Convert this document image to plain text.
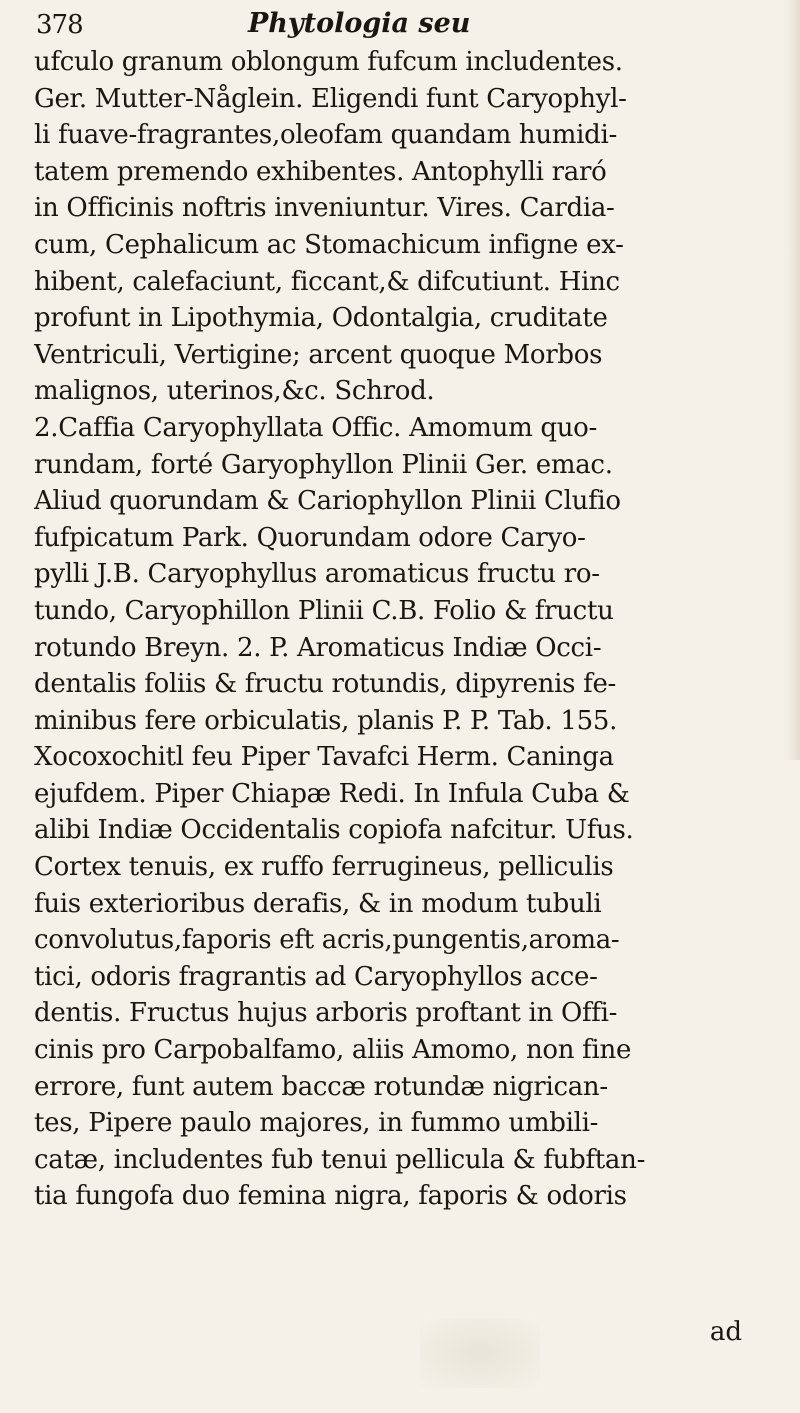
378	Phytologia seu
ufculo granum oblongum fufcum includentes.
Ger. Mutter-Någlein. Eligendi funt Caryophyl-
li fuave-fragrantes,oleofam quandam humidi-
tatem premendo exhibentes. Antophylli raró
in Officinis noftris inveniuntur. Vires. Cardia-
cum, Cephalicum ac Stomachicum infigne ex-
hibent, calefaciunt, ficcant,& difcutiunt. Hinc
profunt in Lipothymia, Odontalgia, cruditate
Ventriculi, Vertigine; arcent quoque Morbos
malignos, uterinos,&c. Schrod.
2.Caffia Caryophyllata Offic. Amomum quo-
rundam, forté Garyophyllon Plinii Ger. emac.
Aliud quorundam & Cariophyllon Plinii Clufio
fufpicatum Park. Quorundam odore Caryo-
pylli J.B. Caryophyllus aromaticus fructu ro-
tundo, Caryophillon Plinii C.B. Folio & fructu
rotundo Breyn. 2. P. Aromaticus Indiæ Occi-
dentalis foliis & fructu rotundis, dipyrenis fe-
minibus fere orbiculatis, planis P. P. Tab. 155.
Xocoxochitl feu Piper Tavafci Herm. Caninga
ejufdem. Piper Chiapæ Redi. In Infula Cuba &
alibi Indiæ Occidentalis copiofa nafcitur. Ufus.
Cortex tenuis, ex ruffo ferrugineus, pelliculis
fuis exterioribus derafis, & in modum tubuli
convolutus,faporis eft acris,pungentis,aroma-
tici, odoris fragrantis ad Caryophyllos acce-
dentis. Fructus hujus arboris proftant in Offi-
cinis pro Carpobalfamo, aliis Amomo, non fine
errore, funt autem baccæ rotundæ nigrican-
tes, Pipere paulo majores, in fummo umbili-
catæ, includentes fub tenui pellicula & fubftan-
tia fungofa duo femina nigra, faporis & odoris
ad
